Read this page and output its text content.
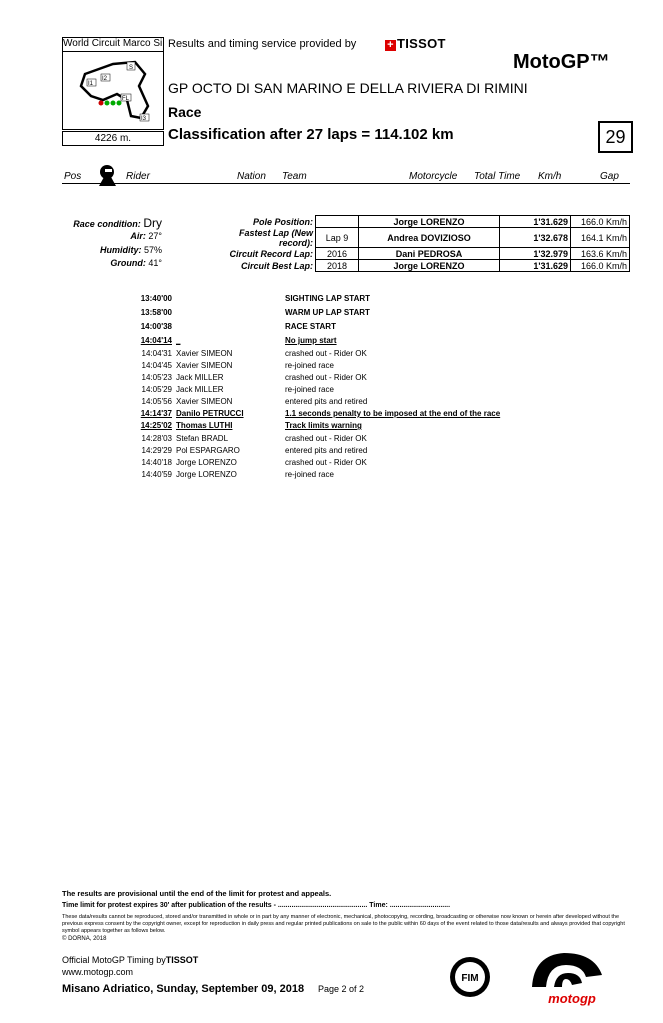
World Circuit Marco Si
S
I1
I2
FL
I3
4226 m.
Results and timing service provided by	+ TISSOT
MotoGP™
GP OCTO DI SAN MARINO E DELLA RIVIERA DI RIMINI
Race
Classification after 27 laps = 114.102 km	29
Pos	Rider	Nation Team	Motorcycle Total Time Km/h	Gap
Race condition: Dry
Air: 27°
Humidity: 57%
Ground: 41°
Pole Position:		Jorge LORENZO	1'31.629	166.0 Km/h
Fastest Lap (New record):	Lap 9	Andrea DOVIZIOSO	1'32.678	164.1 Km/h
Circuit Record Lap:	2016	Dani PEDROSA	1'32.979	163.6 Km/h
Circuit Best Lap:	2018	Jorge LORENZO	1'31.629	166.0 Km/h
13:40'00	SIGHTING LAP START
13:58'00	WARM UP LAP START
14:00'38	RACE START
14:04'14 _	No jump start
14:04'31 Xavier SIMEON	crashed out - Rider OK
14:04'45 Xavier SIMEON	re-joined race
14:05'23 Jack MILLER	crashed out - Rider OK
14:05'29 Jack MILLER	re-joined race
14:05'56 Xavier SIMEON	entered pits and retired
14:14'37 Danilo PETRUCCI	1.1 seconds penalty to be imposed at the end of the race
14:25'02 Thomas LUTHI	Track limits warning
14:28'03 Stefan BRADL	crashed out - Rider OK
14:29'29 Pol ESPARGARO	entered pits and retired
14:40'18 Jorge LORENZO	crashed out - Rider OK
14:40'59 Jorge LORENZO	re-joined race
The results are provisional until the end of the limit for protest and appeals.
Time limit for protest expires 30' after publication of the results - .............................................. Time: ...............................
These data/results cannot be reproduced, stored and/or transmitted in whole or in part by any manner of electronic, mechanical, photocopying, recording, broadcasting or otherwise now known or herein after developed without the previous express consent by the copyright owner, except for reproduction in daily press and regular printed publications on sale to the public within 60 days of the event related to those data/results and always provided that copyright symbol appears together as follows below.
© DORNA, 2018
Official MotoGP Timing byTISSOT
www.motogp.com
Misano Adriatico, Sunday, September 09, 2018 Page 2 of 2
FIM
motogp
